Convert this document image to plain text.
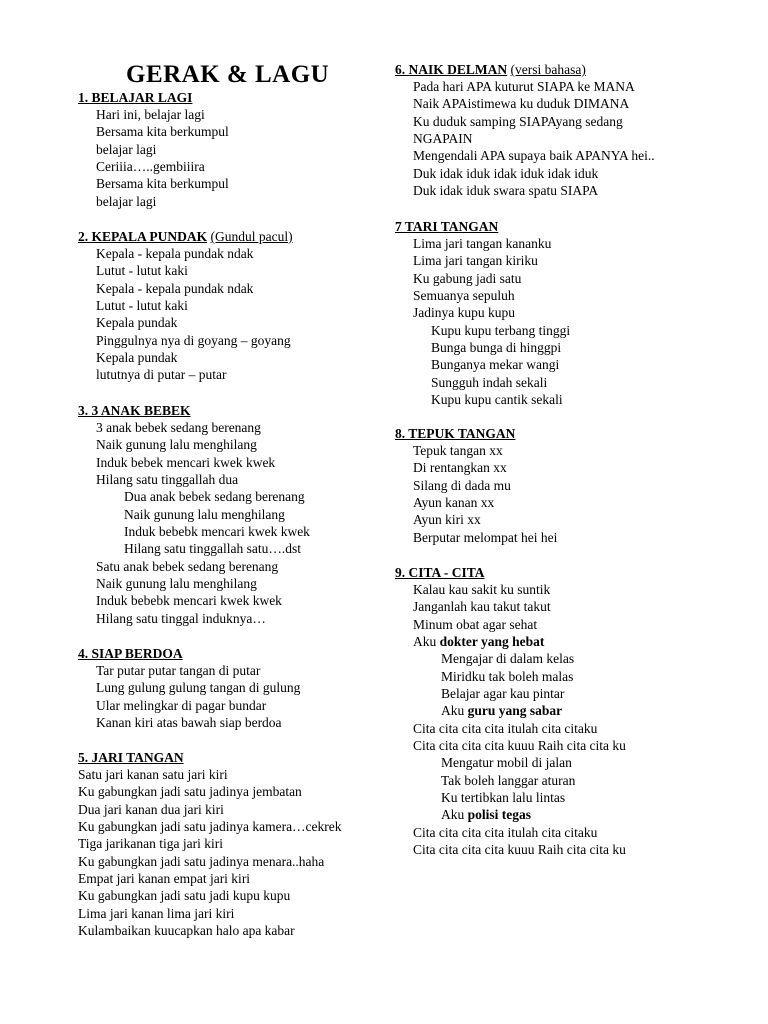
GERAK & LAGU
1. BELAJAR LAGI
Hari ini, belajar lagi
Bersama kita berkumpul
belajar lagi
Ceriiia…..gembiiira
Bersama kita berkumpul
belajar lagi
2. KEPALA PUNDAK (Gundul pacul)
Kepala - kepala pundak ndak
Lutut - lutut kaki
Kepala - kepala pundak ndak
Lutut - lutut kaki
Kepala pundak
Pinggulnya nya di goyang – goyang
Kepala pundak
lututnya di putar – putar
3. 3 ANAK BEBEK
3 anak bebek sedang berenang
Naik gunung lalu menghilang
Induk bebek mencari kwek kwek
Hilang satu tinggallah dua
Dua anak bebek sedang berenang
Naik gunung lalu menghilang
Induk bebebk mencari kwek kwek
Hilang satu tinggallah satu….dst
Satu anak bebek sedang berenang
Naik gunung lalu menghilang
Induk bebebk mencari kwek kwek
Hilang satu tinggal induknya…
4. SIAP BERDOA
Tar putar putar tangan di putar
Lung gulung gulung tangan di gulung
Ular melingkar di pagar bundar
Kanan kiri atas bawah siap berdoa
5. JARI TANGAN
Satu jari kanan satu jari kiri
Ku gabungkan jadi satu jadinya jembatan
Dua jari kanan dua jari kiri
Ku gabungkan jadi satu jadinya kamera…cekrek
Tiga jarikanan tiga jari kiri
Ku gabungkan jadi satu jadinya menara..haha
Empat jari kanan empat jari kiri
Ku gabungkan jadi satu jadi kupu kupu
Lima jari kanan lima jari kiri
Kulambaikan kuucapkan halo apa kabar
6. NAIK DELMAN (versi bahasa)
Pada hari APA kuturut SIAPA ke MANA
Naik APAistimewa ku duduk DIMANA
Ku duduk samping SIAPAyang sedang
NGAPAIN
Mengendali APA supaya baik APANYA hei..
Duk idak iduk idak iduk idak iduk
Duk idak iduk swara spatu SIAPA
7 TARI TANGAN
Lima jari tangan kananku
Lima jari tangan kiriku
Ku gabung jadi satu
Semuanya sepuluh
Jadinya kupu kupu
Kupu kupu terbang tinggi
Bunga bunga di hinggpi
Bunganya mekar wangi
Sungguh indah sekali
Kupu kupu cantik sekali
8. TEPUK TANGAN
Tepuk tangan xx
Di rentangkan xx
Silang di dada mu
Ayun kanan xx
Ayun kiri xx
Berputar melompat hei hei
9. CITA - CITA
Kalau kau sakit ku suntik
Janganlah kau takut takut
Minum obat agar sehat
Aku dokter yang hebat
Mengajar di dalam kelas
Miridku tak boleh malas
Belajar agar kau pintar
Aku guru yang sabar
Cita cita cita cita itulah cita citaku
Cita cita cita cita kuuu Raih cita cita ku
Mengatur mobil di jalan
Tak boleh langgar aturan
Ku tertibkan lalu lintas
Aku polisi tegas
Cita cita cita cita itulah cita citaku
Cita cita cita cita kuuu Raih cita cita ku
